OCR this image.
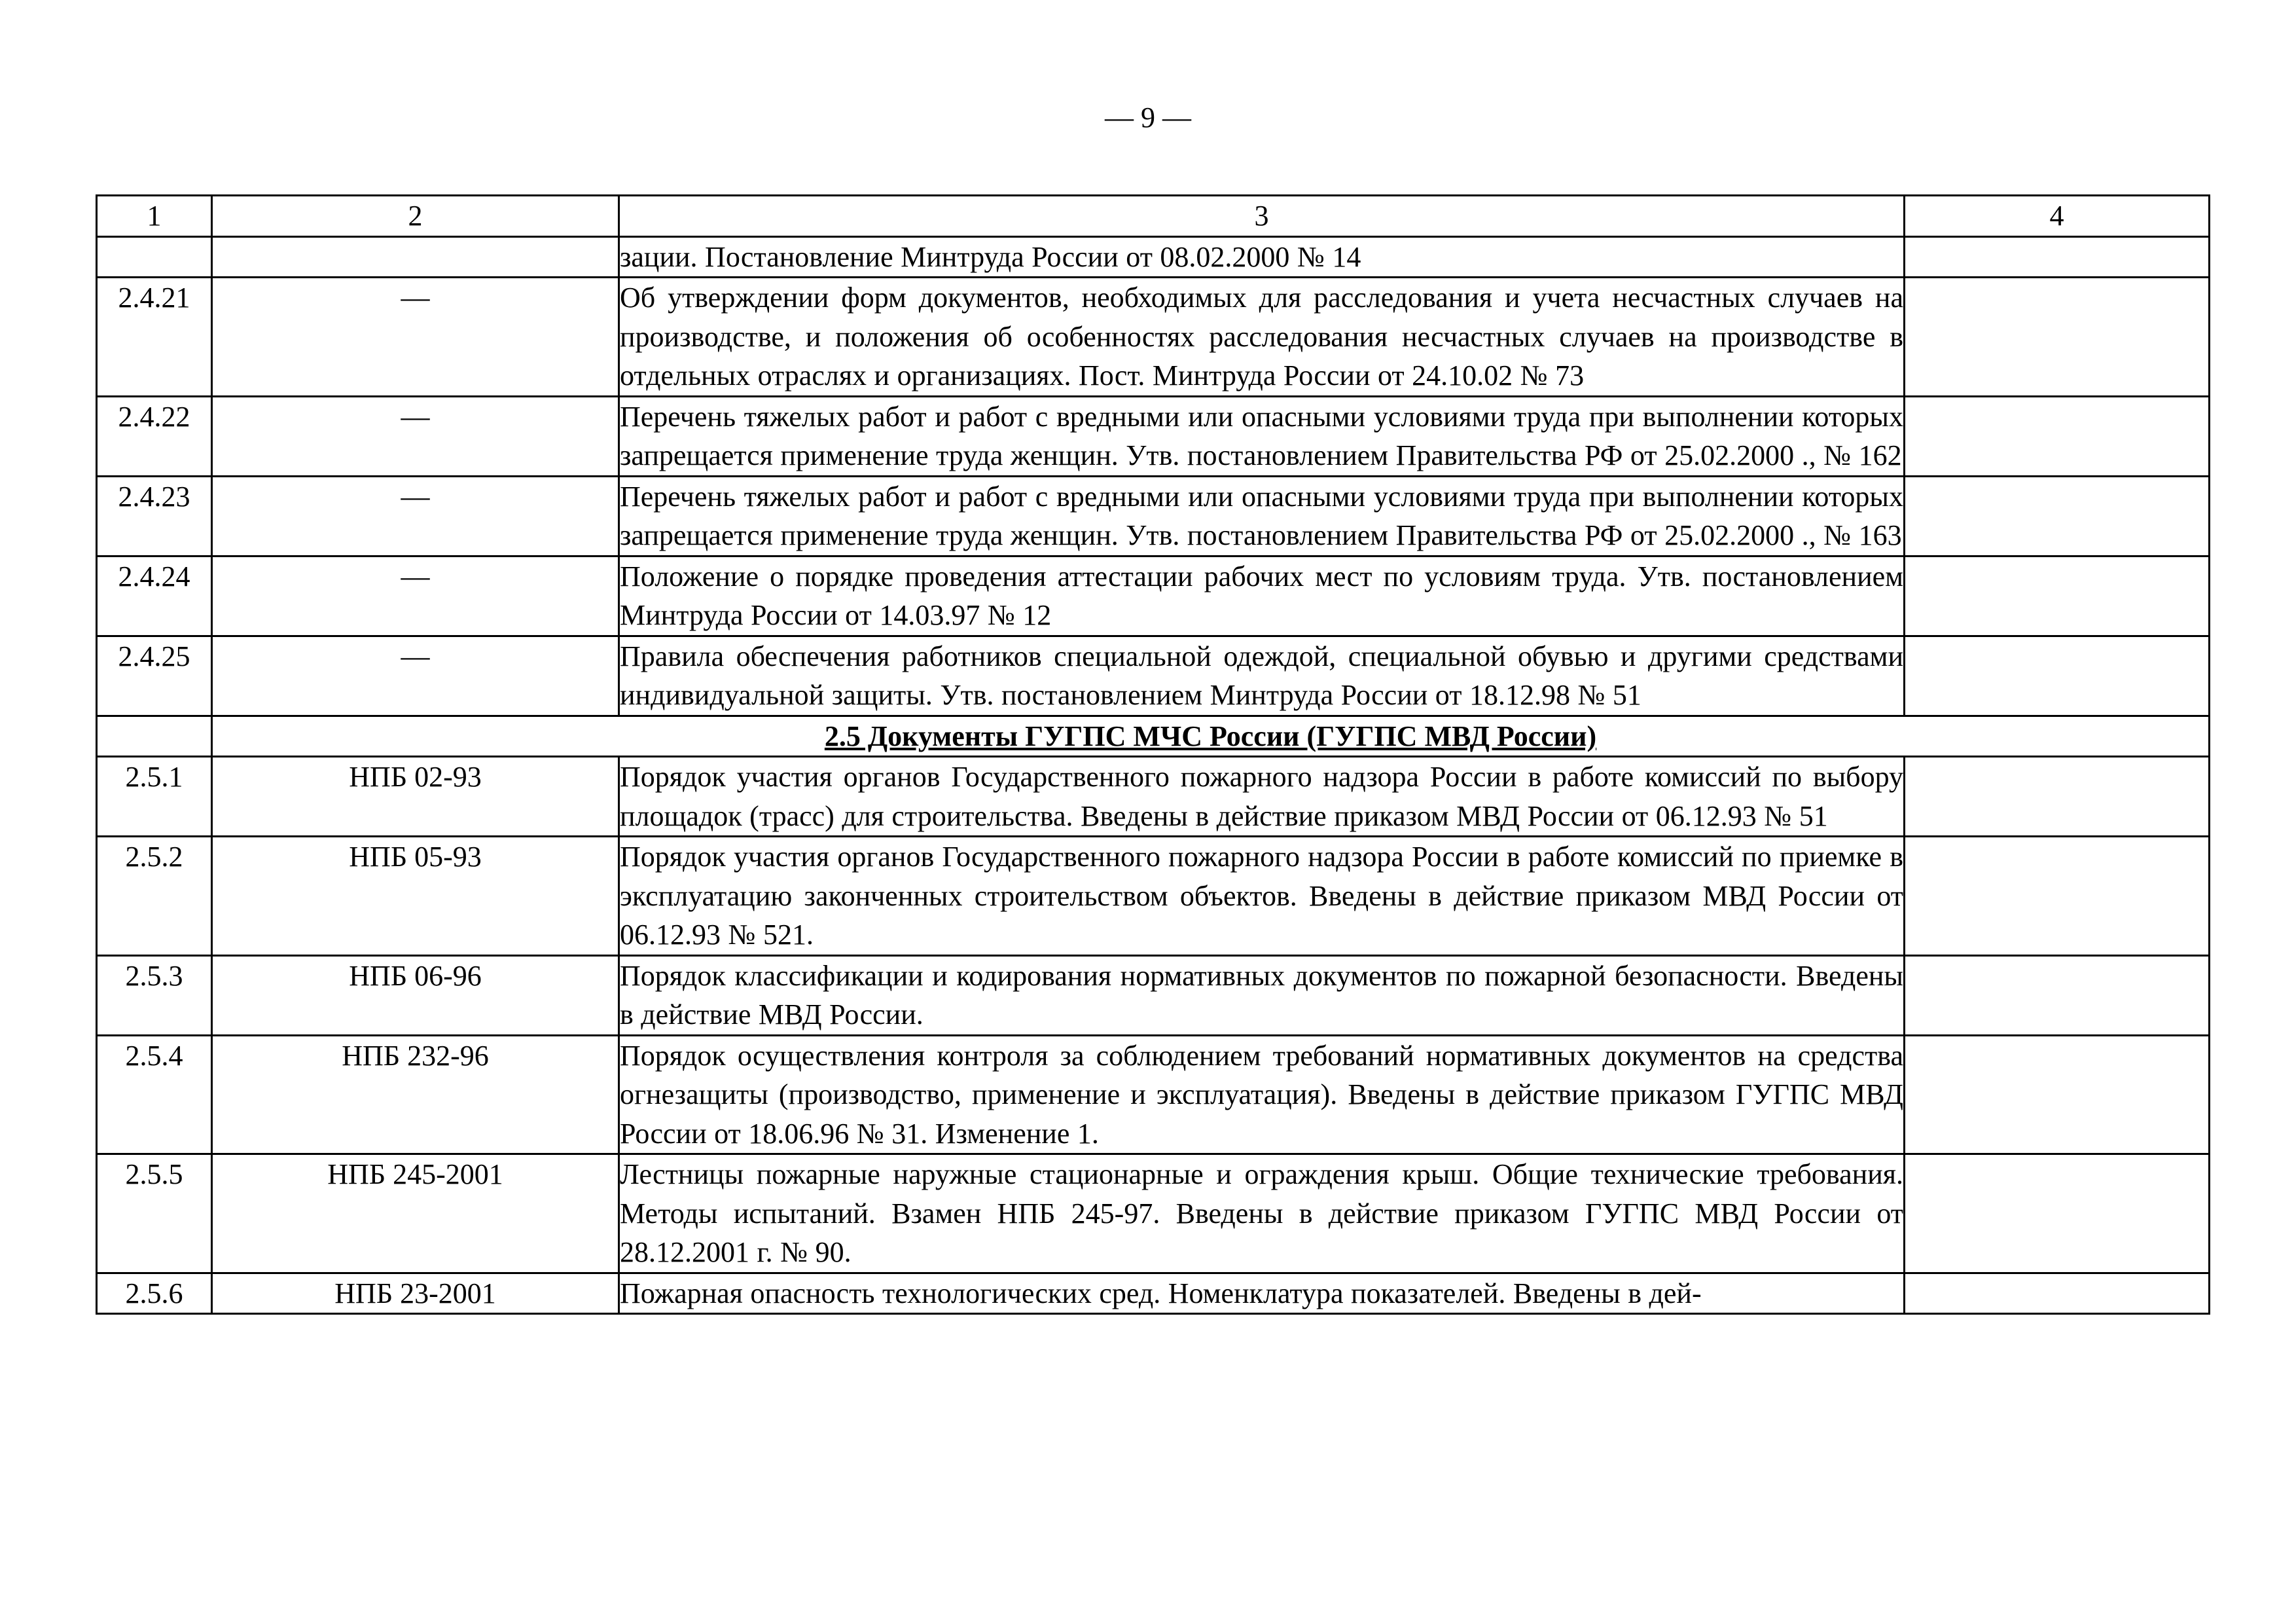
— 9 —
1	2	3	4
		зации. Постановление Минтруда России от 08.02.2000 № 14	
2.4.21	—	Об утверждении форм документов, необходимых для расследования и учета несчастных случаев на производстве, и положения об особенностях расследования несчастных случаев на производстве в отдельных отраслях и организациях. Пост. Минтруда России от 24.10.02 № 73	
2.4.22	—	Перечень тяжелых работ и работ с вредными или опасными условиями труда при выполнении которых запрещается применение труда женщин. Утв. постановлением Правительства РФ от 25.02.2000 ., № 162	
2.4.23	—	Перечень тяжелых работ и работ с вредными или опасными условиями труда при выполнении которых запрещается применение труда женщин. Утв. постановлением Правительства РФ от 25.02.2000 ., № 163	
2.4.24	—	Положение о порядке проведения аттестации рабочих мест по условиям труда. Утв. постановлением Минтруда России от 14.03.97 № 12	
2.4.25	—	Правила обеспечения работников специальной одеждой, специальной обувью и другими средствами индивидуальной защиты. Утв. постановлением Минтруда России от 18.12.98 № 51	
	2.5 Документы ГУГПС МЧС России (ГУГПС МВД России)		
2.5.1	НПБ 02-93	Порядок участия органов Государственного пожарного надзора России в работе комиссий по выбору площадок (трасс) для строительства. Введены в действие приказом МВД России от 06.12.93 № 51	
2.5.2	НПБ 05-93	Порядок участия органов Государственного пожарного надзора России в работе комиссий по приемке в эксплуатацию законченных строительством объектов. Введены в действие приказом МВД России от 06.12.93 № 521.	
2.5.3	НПБ 06-96	Порядок классификации и кодирования нормативных документов по пожарной безопасности. Введены в действие МВД России.	
2.5.4	НПБ 232-96	Порядок осуществления контроля за соблюдением требований нормативных документов на средства огнезащиты (производство, применение и эксплуатация). Введены в действие приказом ГУГПС МВД России от 18.06.96 № 31. Изменение 1.	
2.5.5	НПБ 245-2001	Лестницы пожарные наружные стационарные и ограждения крыш. Общие технические требования. Методы испытаний. Взамен НПБ 245-97. Введены в действие приказом ГУГПС МВД России от 28.12.2001 г. № 90.	
2.5.6	НПБ 23-2001	Пожарная опасность технологических сред. Номенклатура показателей. Введены в дей-	
